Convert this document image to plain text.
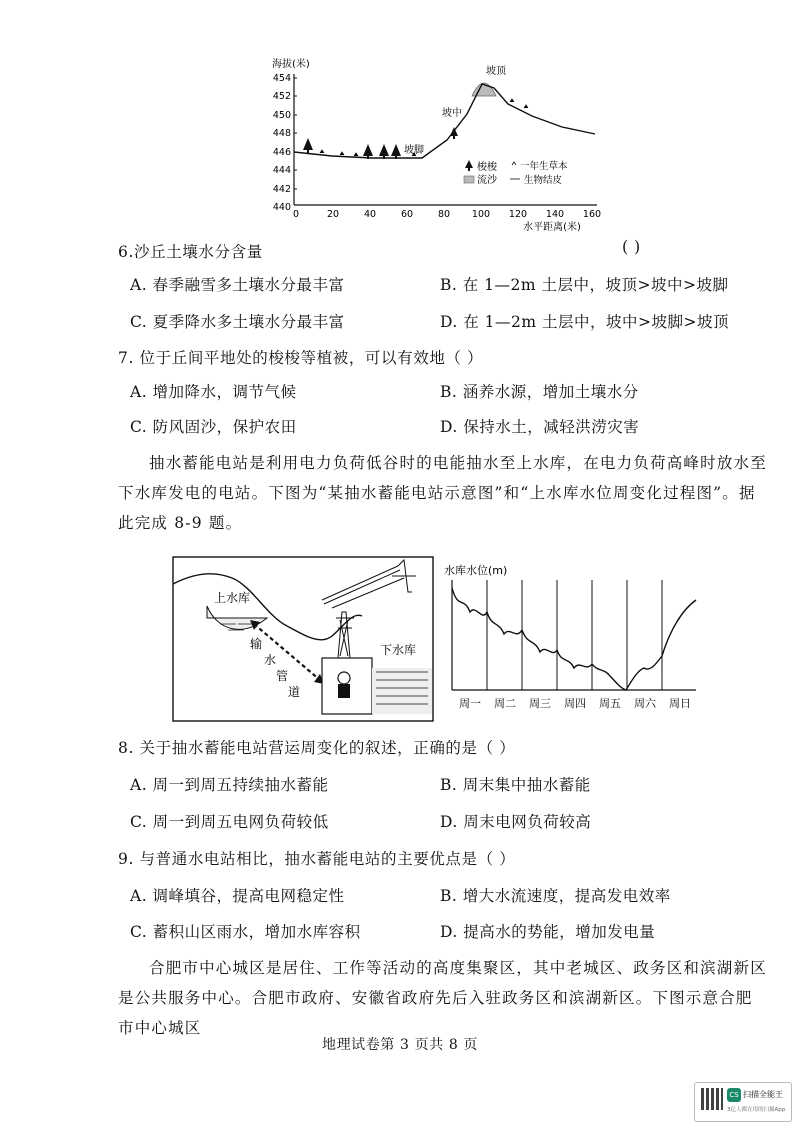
海拔(米)
454
452
450
448
446
444
442
440
0	20	40	60	80 100 120 140 160
水平距离(米)
坡顶
坡中
坡脚
梭梭 一年生草本
流沙	生物结皮
6.沙丘土壤水分含量	( )
A. 春季融雪多土壤水分最丰富	B. 在 1—2m 土层中，坡顶>坡中>坡脚
C. 夏季降水多土壤水分最丰富	D. 在 1—2m 土层中，坡中>坡脚>坡顶
7. 位于丘间平地处的梭梭等植被，可以有效地（ ）
A. 增加降水，调节气候	B. 涵养水源，增加土壤水分
C. 防风固沙，保护农田	D. 保持水土，减轻洪涝灾害
抽水蓄能电站是利用电力负荷低谷时的电能抽水至上水库，在电力负荷高峰时放水至下水库发电的电站。下图为“某抽水蓄能电站示意图”和“上水库水位周变化过程图”。据此完成 8-9 题。
上水库
输
水
管
道
下水库
水库水位(m)
周一 周二 周三 周四 周五 周六 周日
8. 关于抽水蓄能电站营运周变化的叙述，正确的是（ ）
A. 周一到周五持续抽水蓄能	B. 周末集中抽水蓄能
C. 周一到周五电网负荷较低	D. 周末电网负荷较高
9. 与普通水电站相比，抽水蓄能电站的主要优点是（ ）
A. 调峰填谷，提高电网稳定性	B. 增大水流速度，提高发电效率
C. 蓄积山区雨水，增加水库容积	D. 提高水的势能，增加发电量
合肥市中心城区是居住、工作等活动的高度集聚区，其中老城区、政务区和滨湖新区是公共服务中心。合肥市政府、安徽省政府先后入驻政务区和滨湖新区。下图示意合肥市中心城区
地理试卷第 3 页共 8 页
CS 扫描全能王
3亿人都在用的扫描App
